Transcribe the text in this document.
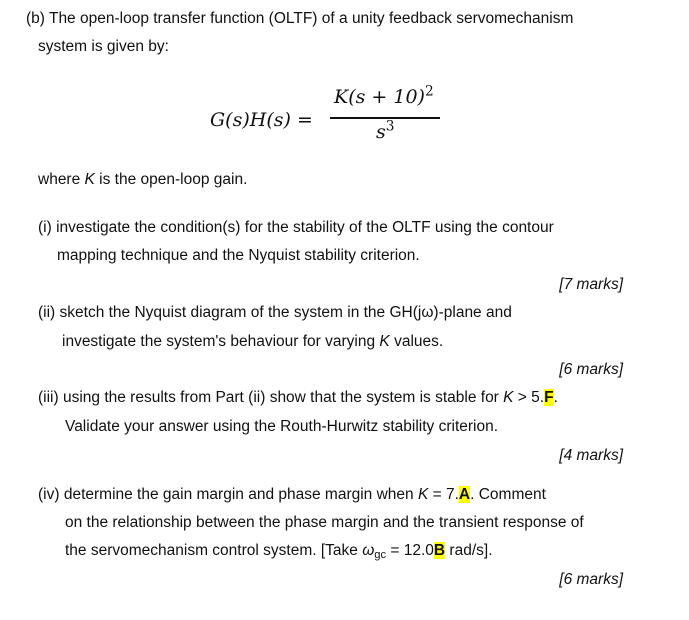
(b) The open-loop transfer function (OLTF) of a unity feedback servomechanism
system is given by:
G(s)H(s) =
$K(s + 10)^2$
$s^3$
where K is the open-loop gain.
(i) investigate the condition(s) for the stability of the OLTF using the contour
mapping technique and the Nyquist stability criterion.
[7 marks]
(ii) sketch the Nyquist diagram of the system in the GH(jω)-plane and
investigate the system's behaviour for varying K values.
[6 marks]
(iii) using the results from Part (ii) show that the system is stable for K > 5.F.
Validate your answer using the Routh-Hurwitz stability criterion.
[4 marks]
(iv) determine the gain margin and phase margin when K = 7.A. Comment
on the relationship between the phase margin and the transient response of
the servomechanism control system. [Take $\omega_{gc} = 12.0B$ rad/s].
[6 marks]
